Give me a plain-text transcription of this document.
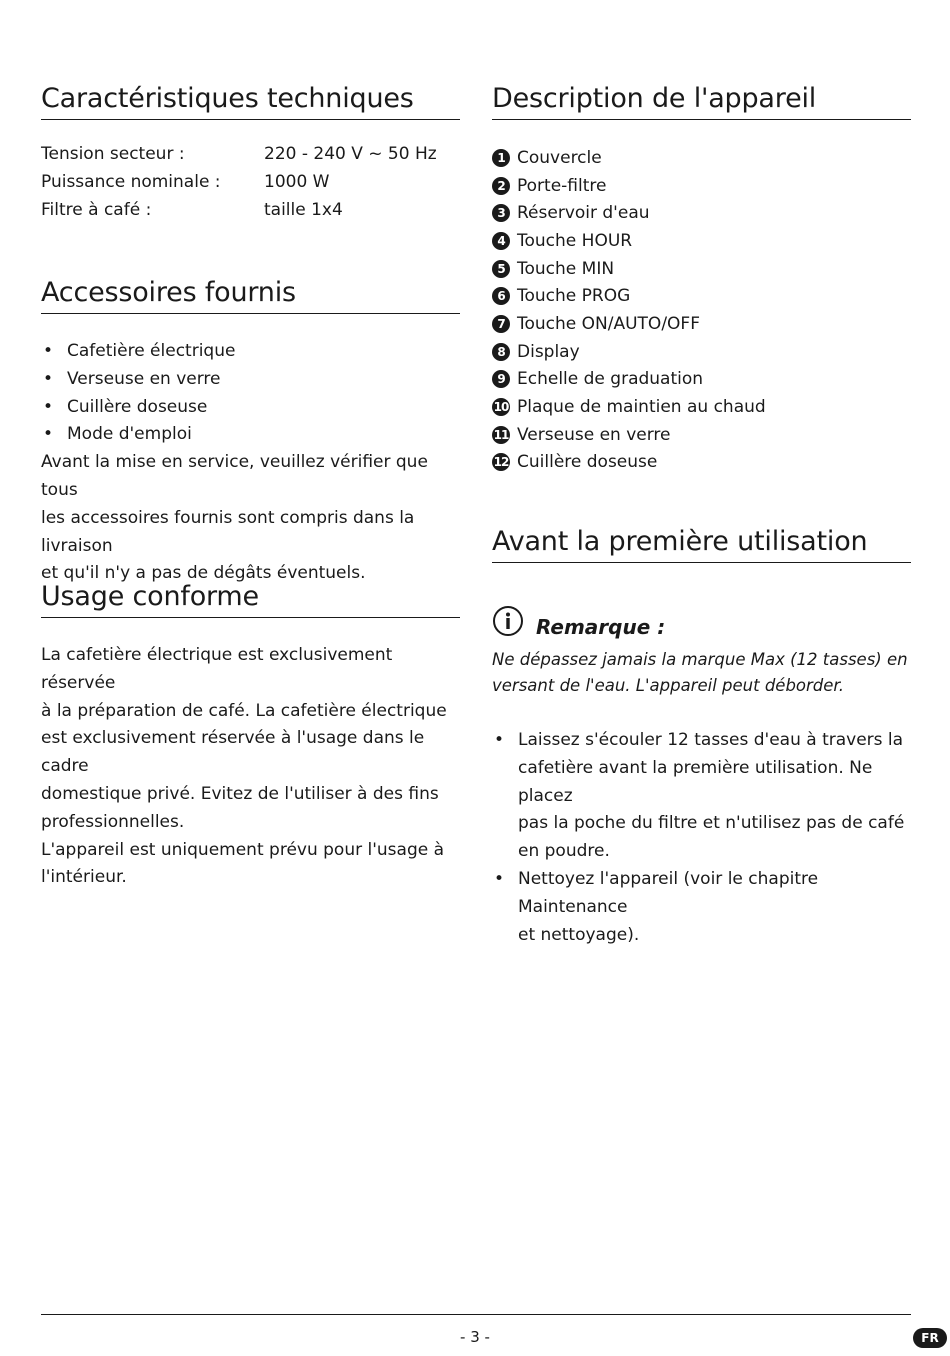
Caractéristiques techniques
Tension secteur :	220 - 240 V ~ 50 Hz
Puissance nominale :	1000 W
Filtre à café :	taille 1x4
Accessoires fournis
• Cafetière électrique
• Verseuse en verre
• Cuillère doseuse
• Mode d'emploi
Avant la mise en service, veuillez vérifier que tous
les accessoires fournis sont compris dans la livraison
et qu'il n'y a pas de dégâts éventuels.
Usage conforme
La cafetière électrique est exclusivement réservée
à la préparation de café. La cafetière électrique
est exclusivement réservée à l'usage dans le cadre
domestique privé. Evitez de l'utiliser à des fins
professionnelles.
L'appareil est uniquement prévu pour l'usage à
l'intérieur.
Description de l'appareil
1 Couvercle
2 Porte-filtre
3 Réservoir d'eau
4 Touche HOUR
5 Touche MIN
6 Touche PROG
7 Touche ON/AUTO/OFF
8 Display
9 Echelle de graduation
10 Plaque de maintien au chaud
11 Verseuse en verre
12 Cuillère doseuse
Avant la première utilisation
Remarque :
Ne dépassez jamais la marque Max (12 tasses) en
versant de l'eau. L'appareil peut déborder.
• Laissez s'écouler 12 tasses d'eau à travers la
cafetière avant la première utilisation. Ne placez
pas la poche du filtre et n'utilisez pas de café
en poudre.
• Nettoyez l'appareil (voir le chapitre Maintenance
et nettoyage).
- 3 -	FR
